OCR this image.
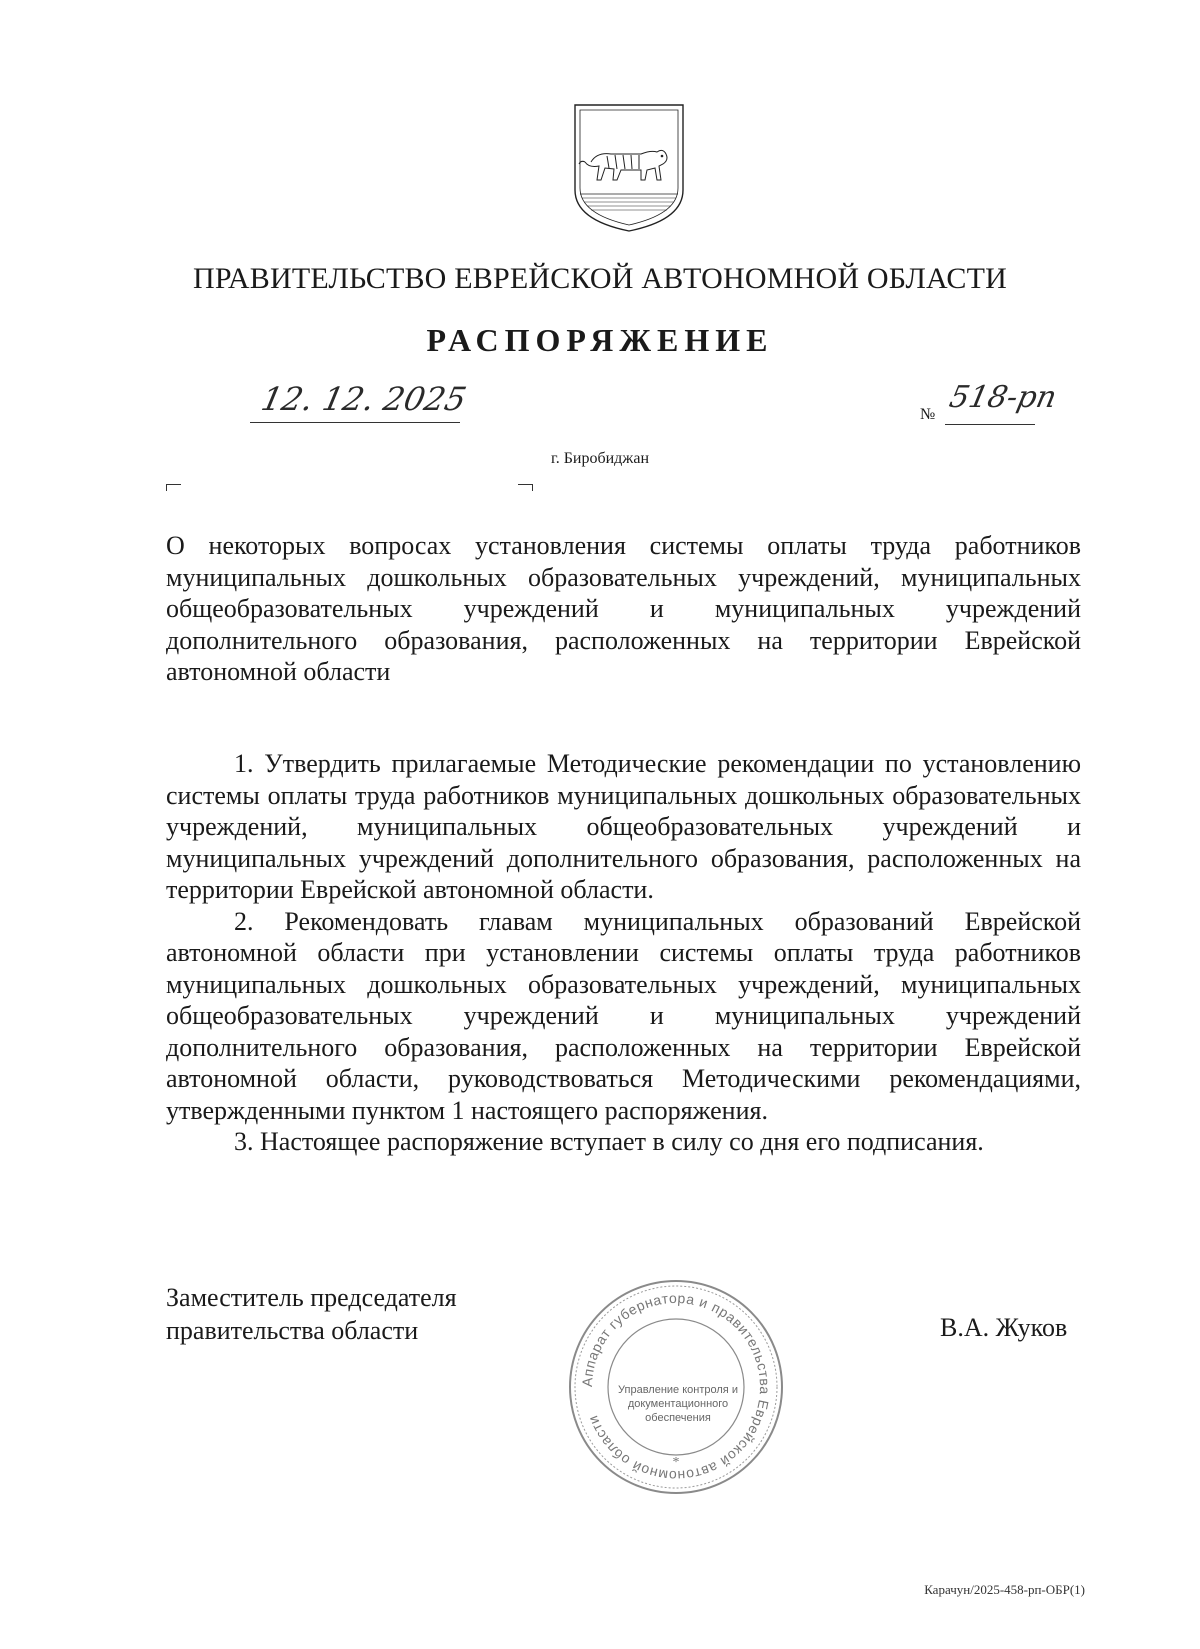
ПРАВИТЕЛЬСТВО ЕВРЕЙСКОЙ АВТОНОМНОЙ ОБЛАСТИ
РАСПОРЯЖЕНИЕ
12. 12. 2025	№ 518-рп
г. Биробиджан
О некоторых вопросах установления системы оплаты труда работников муниципальных дошкольных образовательных учреждений, муниципальных общеобразовательных учреждений и муниципальных учреждений дополнительного образования, расположенных на территории Еврейской автономной области

1. Утвердить прилагаемые Методические рекомендации по установлению системы оплаты труда работников муниципальных дошкольных образовательных учреждений, муниципальных общеобразовательных учреждений и муниципальных учреждений дополнительного образования, расположенных на территории Еврейской автономной области.

2. Рекомендовать главам муниципальных образований Еврейской автономной области при установлении системы оплаты труда работников муниципальных дошкольных образовательных учреждений, муниципальных общеобразовательных учреждений и муниципальных учреждений дополнительного образования, расположенных на территории Еврейской автономной области, руководствоваться Методическими рекомендациями, утвержденными пунктом 1 настоящего распоряжения.

3. Настоящее распоряжение вступает в силу со дня его подписания.

Заместитель председателя
правительства области
Аппарат губернатора и правительства Еврейской автономной области
*
Управление контроля и
документационного
обеспечения
В.А. Жуков
Карачун/2025-458-рп-ОБР(1)
